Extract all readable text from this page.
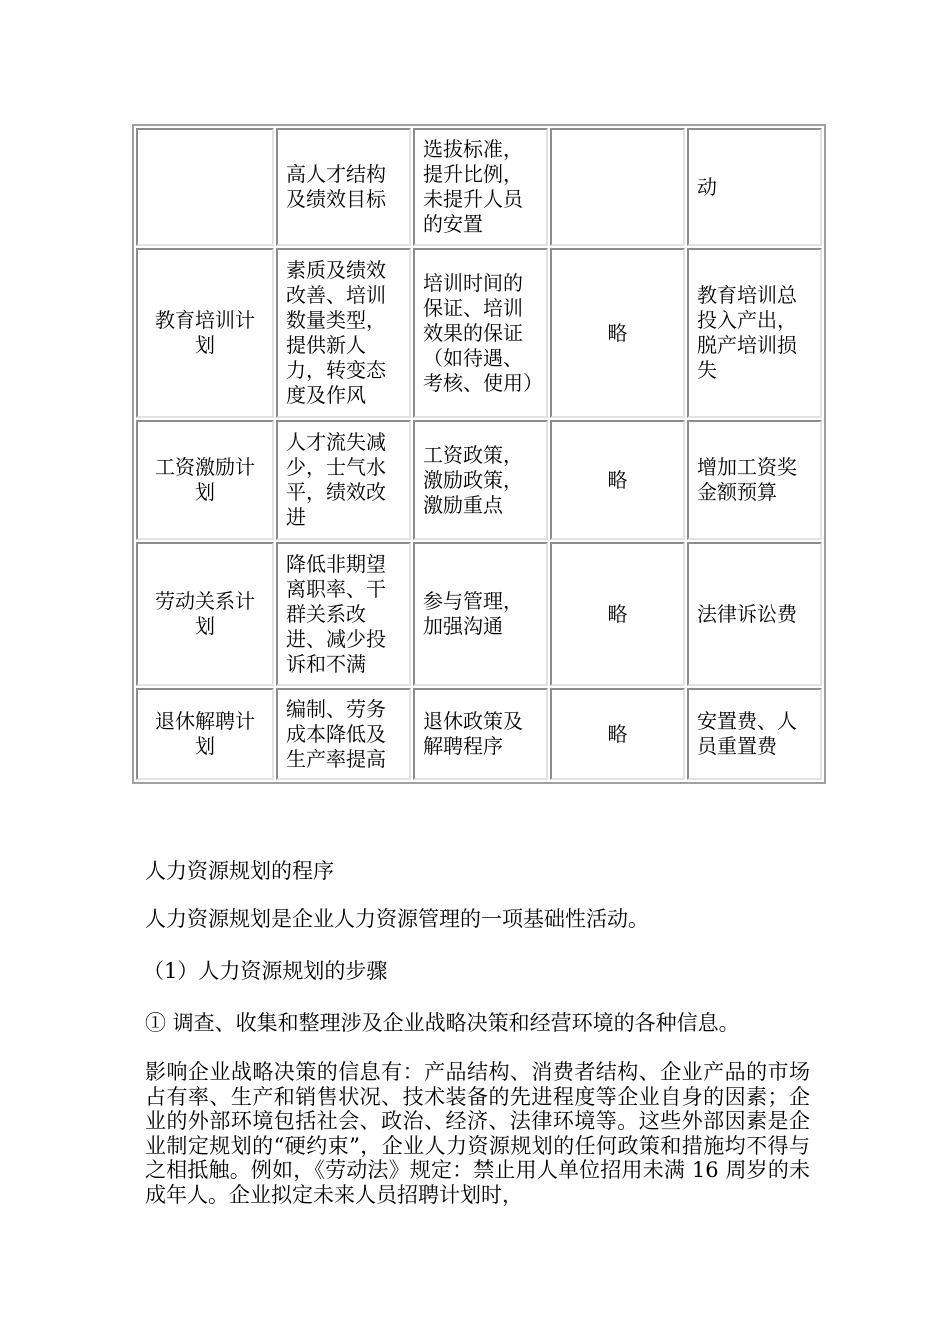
	高人才结构及绩效目标	选拔标准，提升比例，未提升人员的安置		动
教育培训计划	素质及绩效改善、培训数量类型，提供新人力，转变态度及作风	培训时间的保证、培训效果的保证（如待遇、考核、使用）	略	教育培训总投入产出，脱产培训损失
工资激励计划	人才流失减少，士气水平，绩效改进	工资政策，激励政策，激励重点	略	增加工资奖金额预算
劳动关系计划	降低非期望离职率、干群关系改进、减少投诉和不满	参与管理，加强沟通	略	法律诉讼费
退休解聘计划	编制、劳务成本降低及生产率提高	退休政策及解聘程序	略	安置费、人员重置费

人力资源规划的程序

人力资源规划是企业人力资源管理的一项基础性活动。

（1）人力资源规划的步骤

① 调查、收集和整理涉及企业战略决策和经营环境的各种信息。

影响企业战略决策的信息有：产品结构、消费者结构、企业产品的市场占有率、生产和销售状况、技术装备的先进程度等企业自身的因素；企业的外部环境包括社会、政治、经济、法律环境等。这些外部因素是企业制定规划的“硬约束”，企业人力资源规划的任何政策和措施均不得与之相抵触。例如，《劳动法》规定：禁止用人单位招用未满 16 周岁的未成年人。企业拟定未来人员招聘计划时，
